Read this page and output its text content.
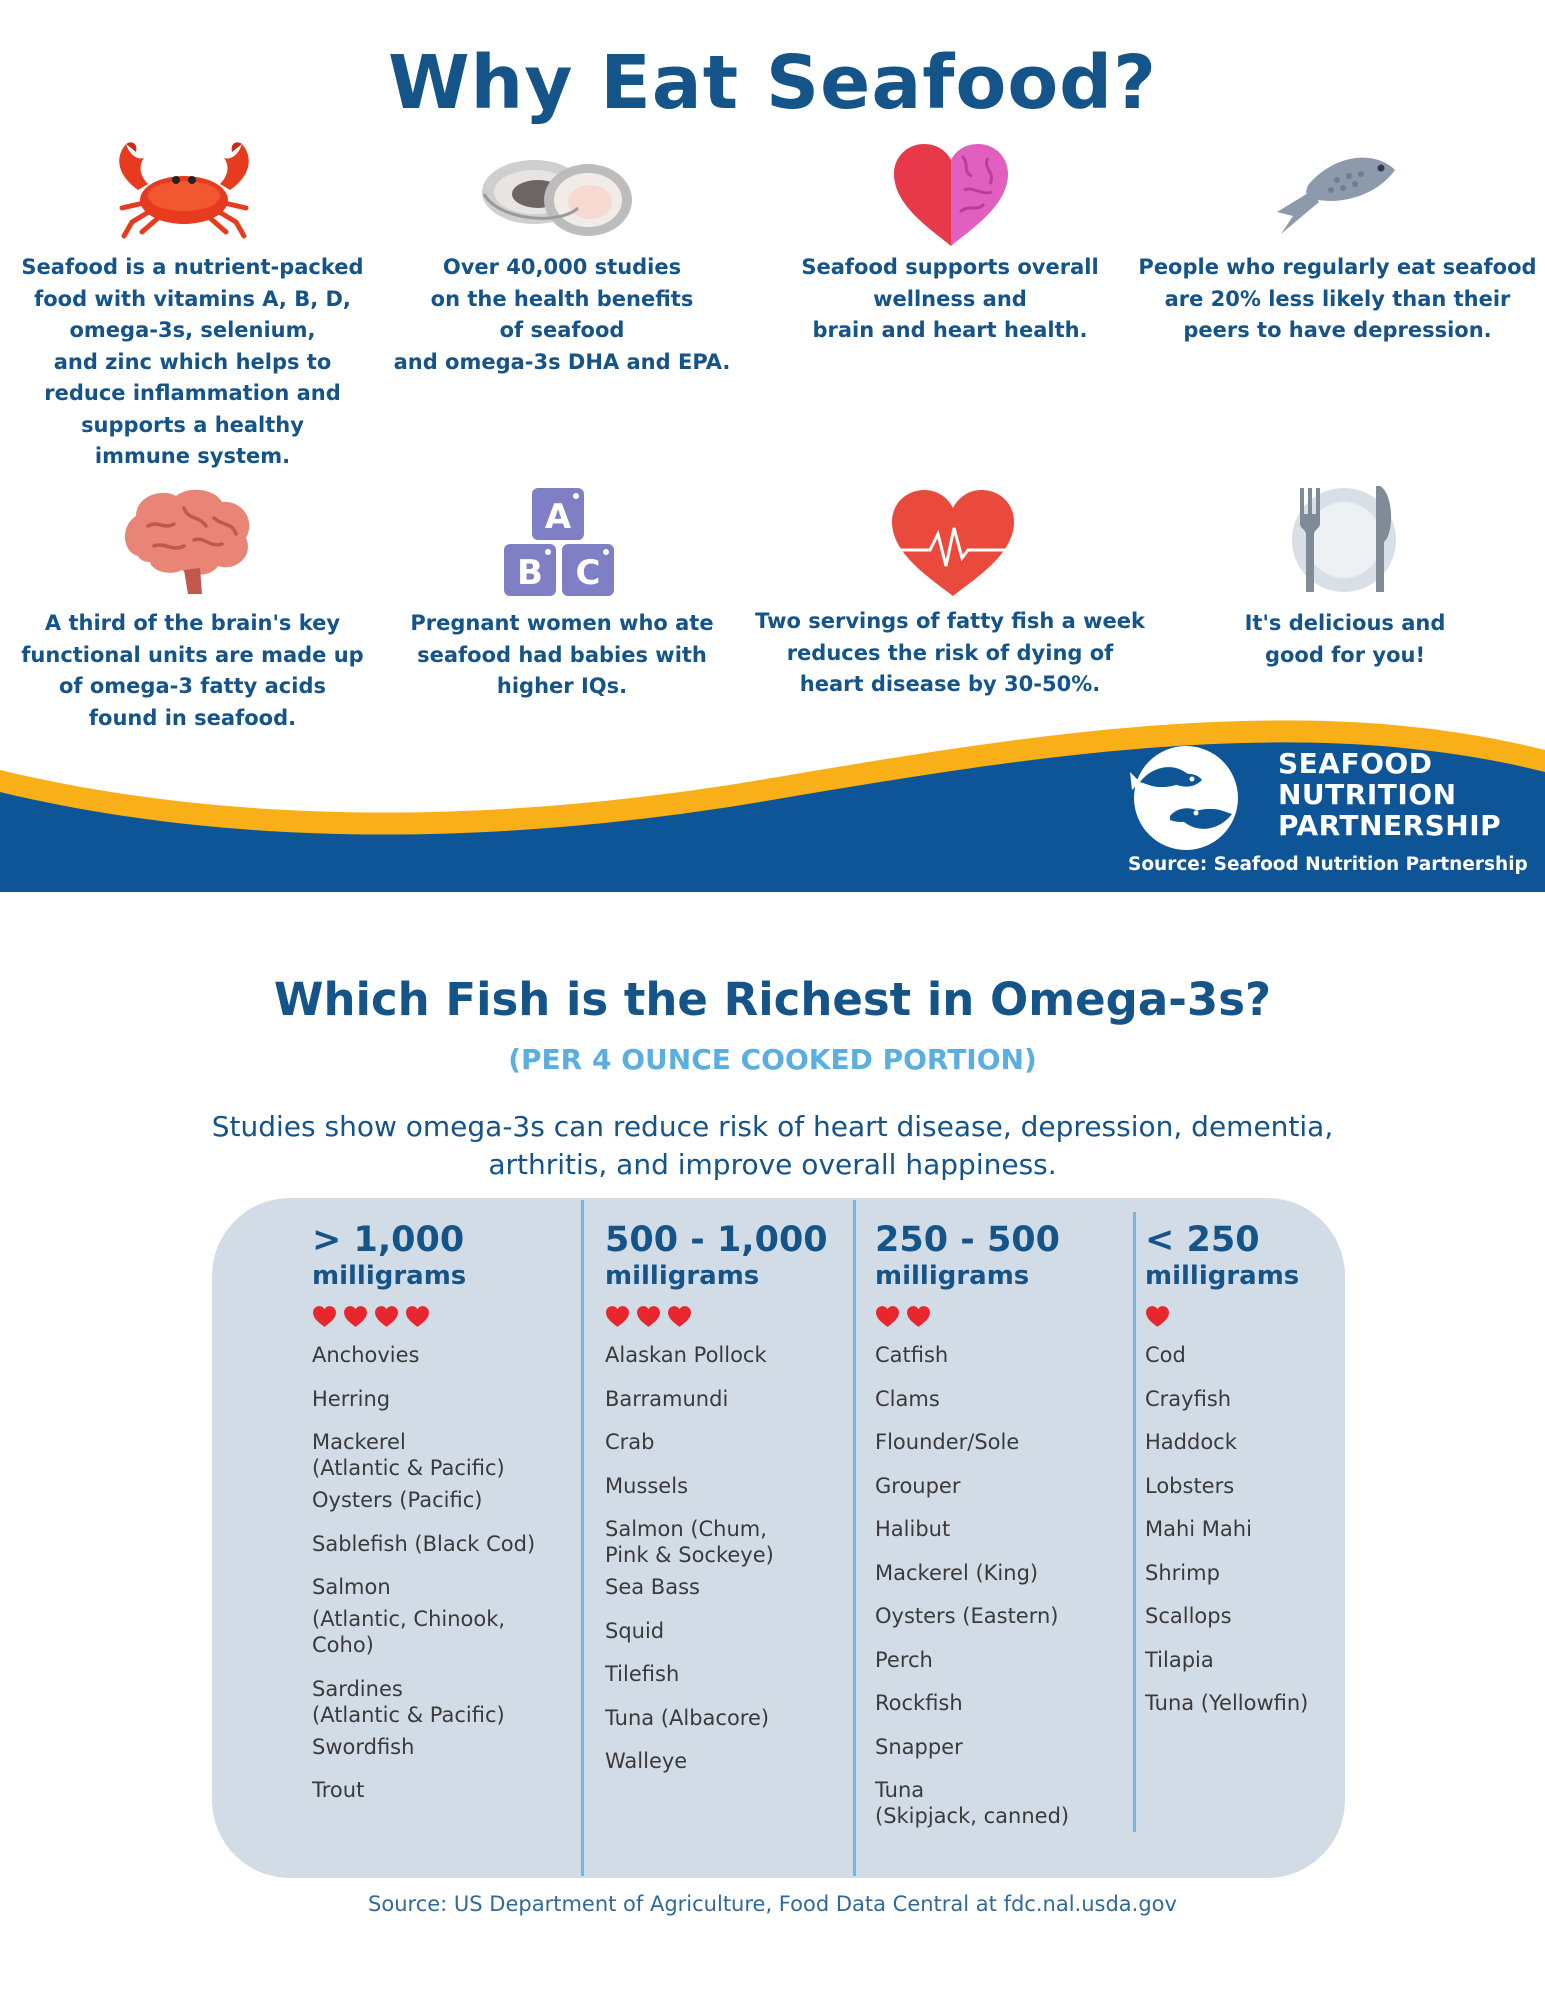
Why Eat Seafood?
Seafood is a nutrient-packed
food with vitamins A, B, D,
omega-3s, selenium,
and zinc which helps to
reduce inflammation and
supports a healthy
immune system.
Over 40,000 studies
on the health benefits
of seafood
and omega-3s DHA and EPA.
Seafood supports overall
wellness and
brain and heart health.
People who regularly eat seafood
are 20% less likely than their
peers to have depression.
A
B C
A third of the brain's key
functional units are made up
of omega-3 fatty acids
found in seafood.
Pregnant women who ate
seafood had babies with
higher IQs.
Two servings of fatty fish a week
reduces the risk of dying of
heart disease by 30-50%.
It's delicious and
good for you!
SEAFOOD
NUTRITION
PARTNERSHIP
Source: Seafood Nutrition Partnership
Which Fish is the Richest in Omega-3s?
(PER 4 OUNCE COOKED PORTION)
Studies show omega-3s can reduce risk of heart disease, depression, dementia, arthritis, and improve overall happiness.
> 1,000
milligrams
Anchovies
Herring
Mackerel
(Atlantic & Pacific)
Oysters (Pacific)
Sablefish (Black Cod)
Salmon
(Atlantic, Chinook,
Coho)
Sardines
(Atlantic & Pacific)
Swordfish
Trout
500 - 1,000
milligrams
Alaskan Pollock
Barramundi
Crab
Mussels
Salmon (Chum,
Pink & Sockeye)
Sea Bass
Squid
Tilefish
Tuna (Albacore)
Walleye
250 - 500
milligrams
Catfish
Clams
Flounder/Sole
Grouper
Halibut
Mackerel (King)
Oysters (Eastern)
Perch
Rockfish
Snapper
Tuna
(Skipjack, canned)
< 250
milligrams
Cod
Crayfish
Haddock
Lobsters
Mahi Mahi
Shrimp
Scallops
Tilapia
Tuna (Yellowfin)
Source: US Department of Agriculture, Food Data Central at fdc.nal.usda.gov
